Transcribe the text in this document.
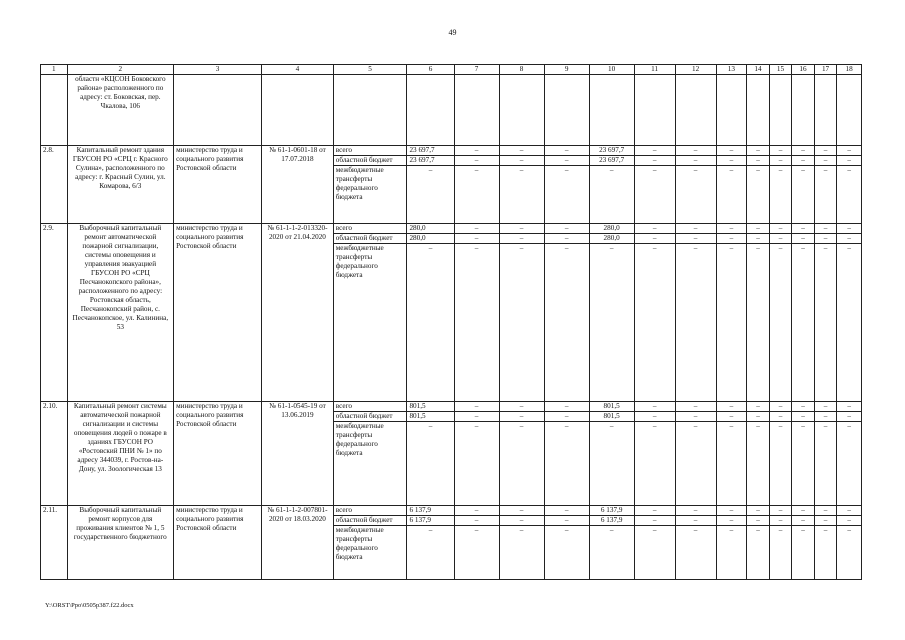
49
1	2	3	4	5	6	7	8	9	10	11	12	13	14	15	16	17	18
	областн «КЦСОН Боковского района» расположенного по адресу: ст. Боковская, пер. Чкалова, 106																
2.8.	Капитальный ремонт здания ГБУСОН РО «СРЦ г. Красного Сулина», расположенного по адресу: г. Красный Сулин, ул. Комарова, 6/3	министерство труда и социального развития Ростовской области	№ 61-1-0601-18 от 17.07.2018	всего	23 697,7	–	–	–	23 697,7	–	–	–	–	–	–	–	–
				областной бюджет	23 697,7	–	–	–	23 697,7	–	–	–	–	–	–	–	–
				межбюджетные трансферты федерального бюджета	–	–	–	–	–	–	–	–	–	–	–	–	–
2.9.	Выборочный капитальный ремонт автоматической пожарной сигнализации, системы оповещения и управления эвакуацией ГБУСОН РО «СРЦ Песчанокопского района», расположенного по адресу: Ростовская область, Песчанокопский район, с. Песчанокопское, ул. Калинина, 53	министерство труда и социального развития Ростовской области	№ 61-1-1-2-013320-2020 от 21.04.2020	всего	280,0	–	–	–	280,0	–	–	–	–	–	–	–	–
				областной бюджет	280,0	–	–	–	280,0	–	–	–	–	–	–	–	–
				межбюджетные трансферты федерального бюджета	–	–	–	–	–	–	–	–	–	–	–	–	–
2.10.	Капитальный ремонт системы автоматической пожарной сигнализации и системы оповещения людей о пожаре в зданиях ГБУСОН РО «Ростовский ПНИ № 1» по адресу 344039, г. Ростов-на-Дону, ул. Зоологическая 13	министерство труда и социального развития Ростовской области	№ 61-1-0545-19 от 13.06.2019	всего	801,5	–	–	–	801,5	–	–	–	–	–	–	–	–
				областной бюджет	801,5	–	–	–	801,5	–	–	–	–	–	–	–	–
				межбюджетные трансферты федерального бюджета	–	–	–	–	–	–	–	–	–	–	–	–	–
2.11.	Выборочный капитальный ремонт корпусов для проживания клиентов № 1, 5 государственного бюджетного	министерство труда и социального развития Ростовской области	№ 61-1-1-2-007801-2020 от 18.03.2020	всего	6 137,9	–	–	–	6 137,9	–	–	–	–	–	–	–	–
				областной бюджет	6 137,9	–	–	–	6 137,9	–	–	–	–	–	–	–	–
				межбюджетные трансферты федерального бюджета	–	–	–	–	–	–	–	–	–	–	–	–	–
Y:\ORST\Ppo\0505p387.f22.docx
